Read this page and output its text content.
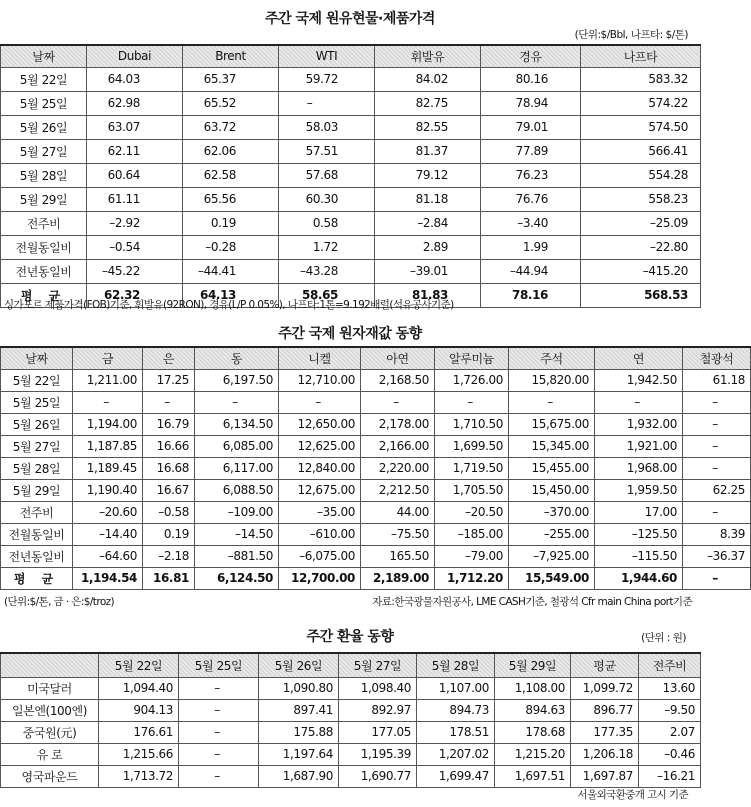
주간 국제 원유현물·제품가격
(단위:$/Bbl, 나프타: $/톤)
날짜	Dubai	Brent	WTI	휘발유	경유	나프타
5월 22일	64.03	65.37	59.72	84.02	80.16	583.32
5월 25일	62.98	65.52	–	82.75	78.94	574.22
5월 26일	63.07	63.72	58.03	82.55	79.01	574.50
5월 27일	62.11	62.06	57.51	81.37	77.89	566.41
5월 28일	60.64	62.58	57.68	79.12	76.23	554.28
5월 29일	61.11	65.56	60.30	81.18	76.76	558.23
전주비	–2.92	0.19	0.58	–2.84	–3.40	–25.09
전월동일비	–0.54	–0.28	1.72	2.89	1.99	–22.80
전년동일비	–45.22	–44.41	–43.28	–39.01	–44.94	–415.20
평 균	62.32	64.13	58.65	81.83	78.16	568.53
싱가포르 제품가격(FOB)기준, 휘발유(92RON), 경유(L/P 0.05%), 나프타:1톤=9.192배럴(석유공사기준)
주간 국제 원자재값 동향
날짜	금	은	동	니켈	아연	알루미늄	주석	연	철광석
5월 22일	1,211.00	17.25	6,197.50	12,710.00	2,168.50	1,726.00	15,820.00	1,942.50	61.18
5월 25일	–	–	–	–	–	–	–	–	–
5월 26일	1,194.00	16.79	6,134.50	12,650.00	2,178.00	1,710.50	15,675.00	1,932.00	–
5월 27일	1,187.85	16.66	6,085.00	12,625.00	2,166.00	1,699.50	15,345.00	1,921.00	–
5월 28일	1,189.45	16.68	6,117.00	12,840.00	2,220.00	1,719.50	15,455.00	1,968.00	–
5월 29일	1,190.40	16.67	6,088.50	12,675.00	2,212.50	1,705.50	15,450.00	1,959.50	62.25
전주비	–20.60	–0.58	–109.00	–35.00	44.00	–20.50	–370.00	17.00	–
전월동일비	–14.40	0.19	–14.50	–610.00	–75.50	–185.00	–255.00	–125.50	8.39
전년동일비	–64.60	–2.18	–881.50	–6,075.00	165.50	–79.00	–7,925.00	–115.50	–36.37
평 균	1,194.54	16.81	6,124.50	12,700.00	2,189.00	1,712.20	15,549.00	1,944.60	–
(단위:$/톤, 금 · 은:$/troz)	자료:한국광물자원공사, LME CASH기준, 철광석 Cfr main China port기준
주간 환율 동향	(단위 : 원)
	5월 22일	5월 25일	5월 26일	5월 27일	5월 28일	5월 29일	평균	전주비
미국달러	1,094.40	–	1,090.80	1,098.40	1,107.00	1,108.00	1,099.72	13.60
일본엔(100엔)	904.13	–	897.41	892.97	894.73	894.63	896.77	–9.50
중국원(元)	176.61	–	175.88	177.05	178.51	178.68	177.35	2.07
유 로	1,215.66	–	1,197.64	1,195.39	1,207.02	1,215.20	1,206.18	–0.46
영국파운드	1,713.72	–	1,687.90	1,690.77	1,699.47	1,697.51	1,697.87	–16.21
서울외국환중개 고시 기준
